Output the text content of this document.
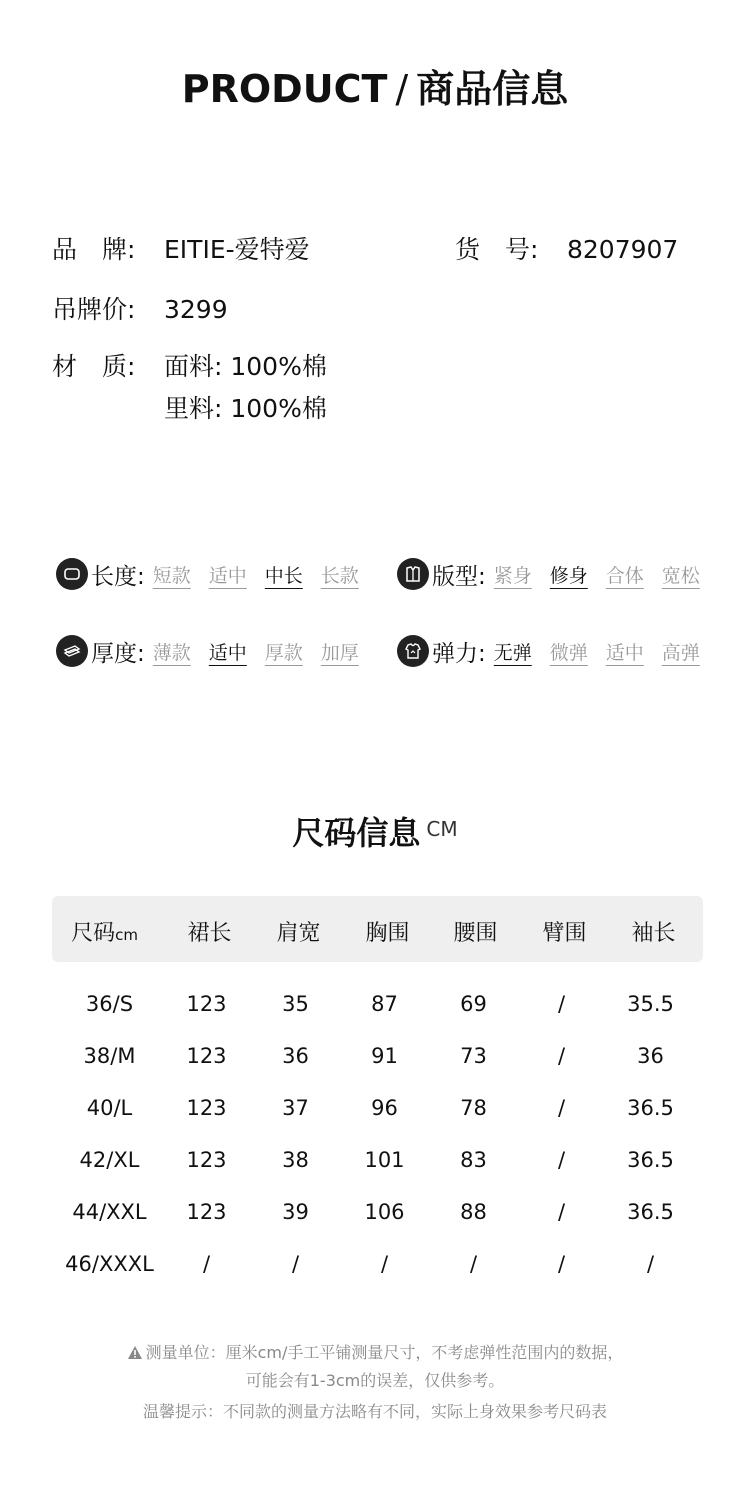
PRODUCT / 商品信息
品　牌: EITIE-爱特爱	货　号: 8207907
吊牌价: 3299
材　质: 面料: 100%棉
里料: 100%棉
长度: 短款 适中 中长 长款	版型: 紧身 修身 合体 宽松
厚度: 薄款 适中 厚款 加厚	弹力: 无弹 微弹 适中 高弹
尺码信息 $^{CM}$
尺码cm	裙长	肩宽	胸围	腰围	臂围	袖长
36/S	123	35	87	69	/	35.5
38/M	123	36	91	73	/	36
40/L	123	37	96	78	/	36.5
42/XL	123	38	101	83	/	36.5
44/XXL	123	39	106	88	/	36.5
46/XXXL	/	/	/	/	/	/
测量单位：厘米cm/手工平铺测量尺寸，不考虑弹性范围内的数据，
可能会有1-3cm的误差，仅供参考。
温馨提示：不同款的测量方法略有不同，实际上身效果参考尺码表
